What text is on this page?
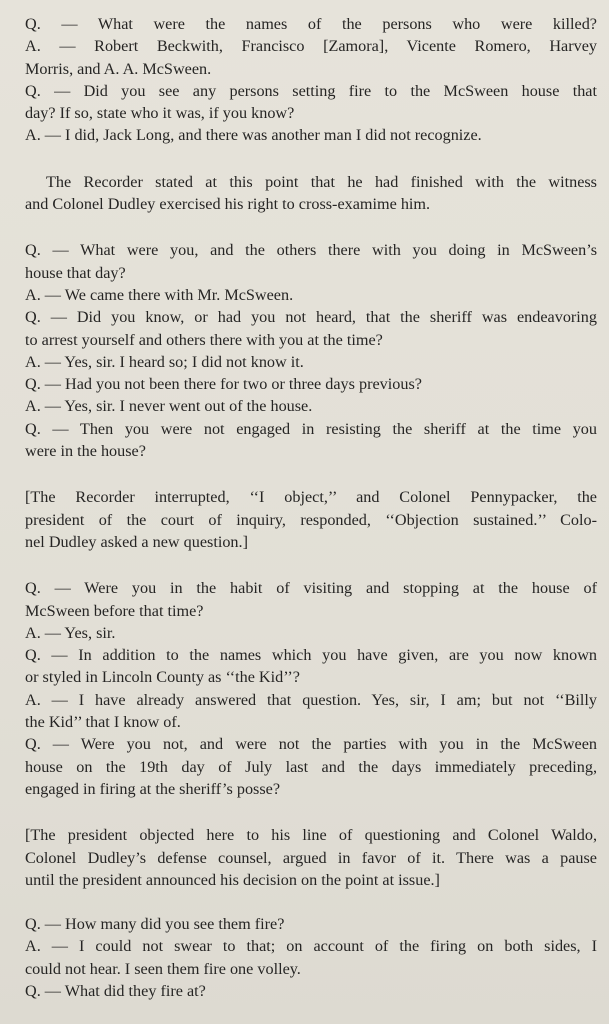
Q. — What were the names of the persons who were killed?
A. — Robert Beckwith, Francisco [Zamora], Vicente Romero, Harvey
Morris, and A. A. McSween.
Q. — Did you see any persons setting fire to the McSween house that
day? If so, state who it was, if you know?
A. — I did, Jack Long, and there was another man I did not recognize.
The Recorder stated at this point that he had finished with the witness
and Colonel Dudley exercised his right to cross-examime him.
Q. — What were you, and the others there with you doing in McSween’s
house that day?
A. — We came there with Mr. McSween.
Q. — Did you know, or had you not heard, that the sheriff was endeavoring
to arrest yourself and others there with you at the time?
A. — Yes, sir. I heard so; I did not know it.
Q. — Had you not been there for two or three days previous?
A. — Yes, sir. I never went out of the house.
Q. — Then you were not engaged in resisting the sheriff at the time you
were in the house?
[The Recorder interrupted, ‘‘I object,’’ and Colonel Pennypacker, the
president of the court of inquiry, responded, ‘‘Objection sustained.’’ Colo-
nel Dudley asked a new question.]
Q. — Were you in the habit of visiting and stopping at the house of
McSween before that time?
A. — Yes, sir.
Q. — In addition to the names which you have given, are you now known
or styled in Lincoln County as ‘‘the Kid’’?
A. — I have already answered that question. Yes, sir, I am; but not ‘‘Billy
the Kid’’ that I know of.
Q. — Were you not, and were not the parties with you in the McSween
house on the 19th day of July last and the days immediately preceding,
engaged in firing at the sheriff’s posse?
[The president objected here to his line of questioning and Colonel Waldo,
Colonel Dudley’s defense counsel, argued in favor of it. There was a pause
until the president announced his decision on the point at issue.]
Q. — How many did you see them fire?
A. — I could not swear to that; on account of the firing on both sides, I
could not hear. I seen them fire one volley.
Q. — What did they fire at?
